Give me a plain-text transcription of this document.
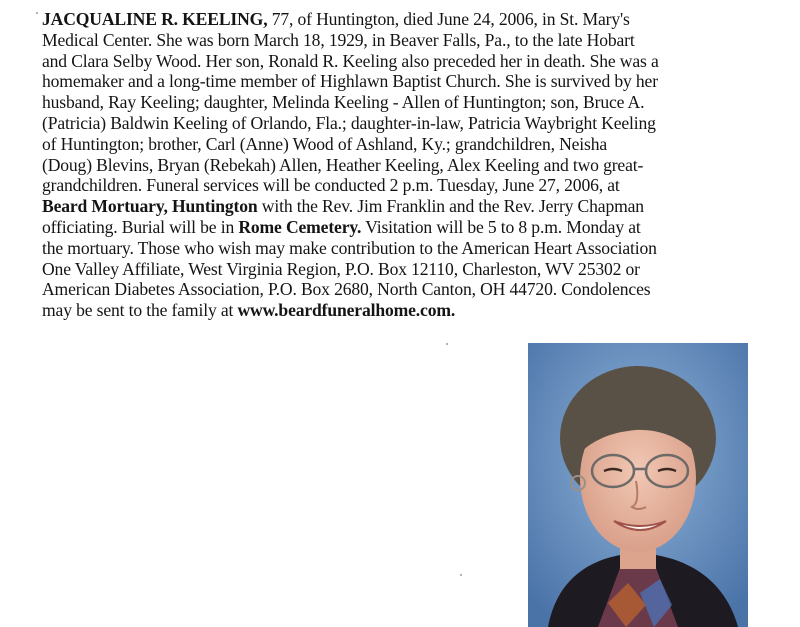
JACQUALINE R. KEELING, 77, of Huntington, died June 24, 2006, in St. Mary's
Medical Center. She was born March 18, 1929, in Beaver Falls, Pa., to the late Hobart
and Clara Selby Wood. Her son, Ronald R. Keeling also preceded her in death. She was a
homemaker and a long-time member of Highlawn Baptist Church. She is survived by her
husband, Ray Keeling; daughter, Melinda Keeling - Allen of Huntington; son, Bruce A.
(Patricia) Baldwin Keeling of Orlando, Fla.; daughter-in-law, Patricia Waybright Keeling
of Huntington; brother, Carl (Anne) Wood of Ashland, Ky.; grandchildren, Neisha
(Doug) Blevins, Bryan (Rebekah) Allen, Heather Keeling, Alex Keeling and two great-
grandchildren. Funeral services will be conducted 2 p.m. Tuesday, June 27, 2006, at
Beard Mortuary, Huntington with the Rev. Jim Franklin and the Rev. Jerry Chapman
officiating. Burial will be in Rome Cemetery. Visitation will be 5 to 8 p.m. Monday at
the mortuary. Those who wish may make contribution to the American Heart Association
One Valley Affiliate, West Virginia Region, P.O. Box 12110, Charleston, WV 25302 or
American Diabetes Association, P.O. Box 2680, North Canton, OH 44720. Condolences
may be sent to the family at www.beardfuneralhome.com.
